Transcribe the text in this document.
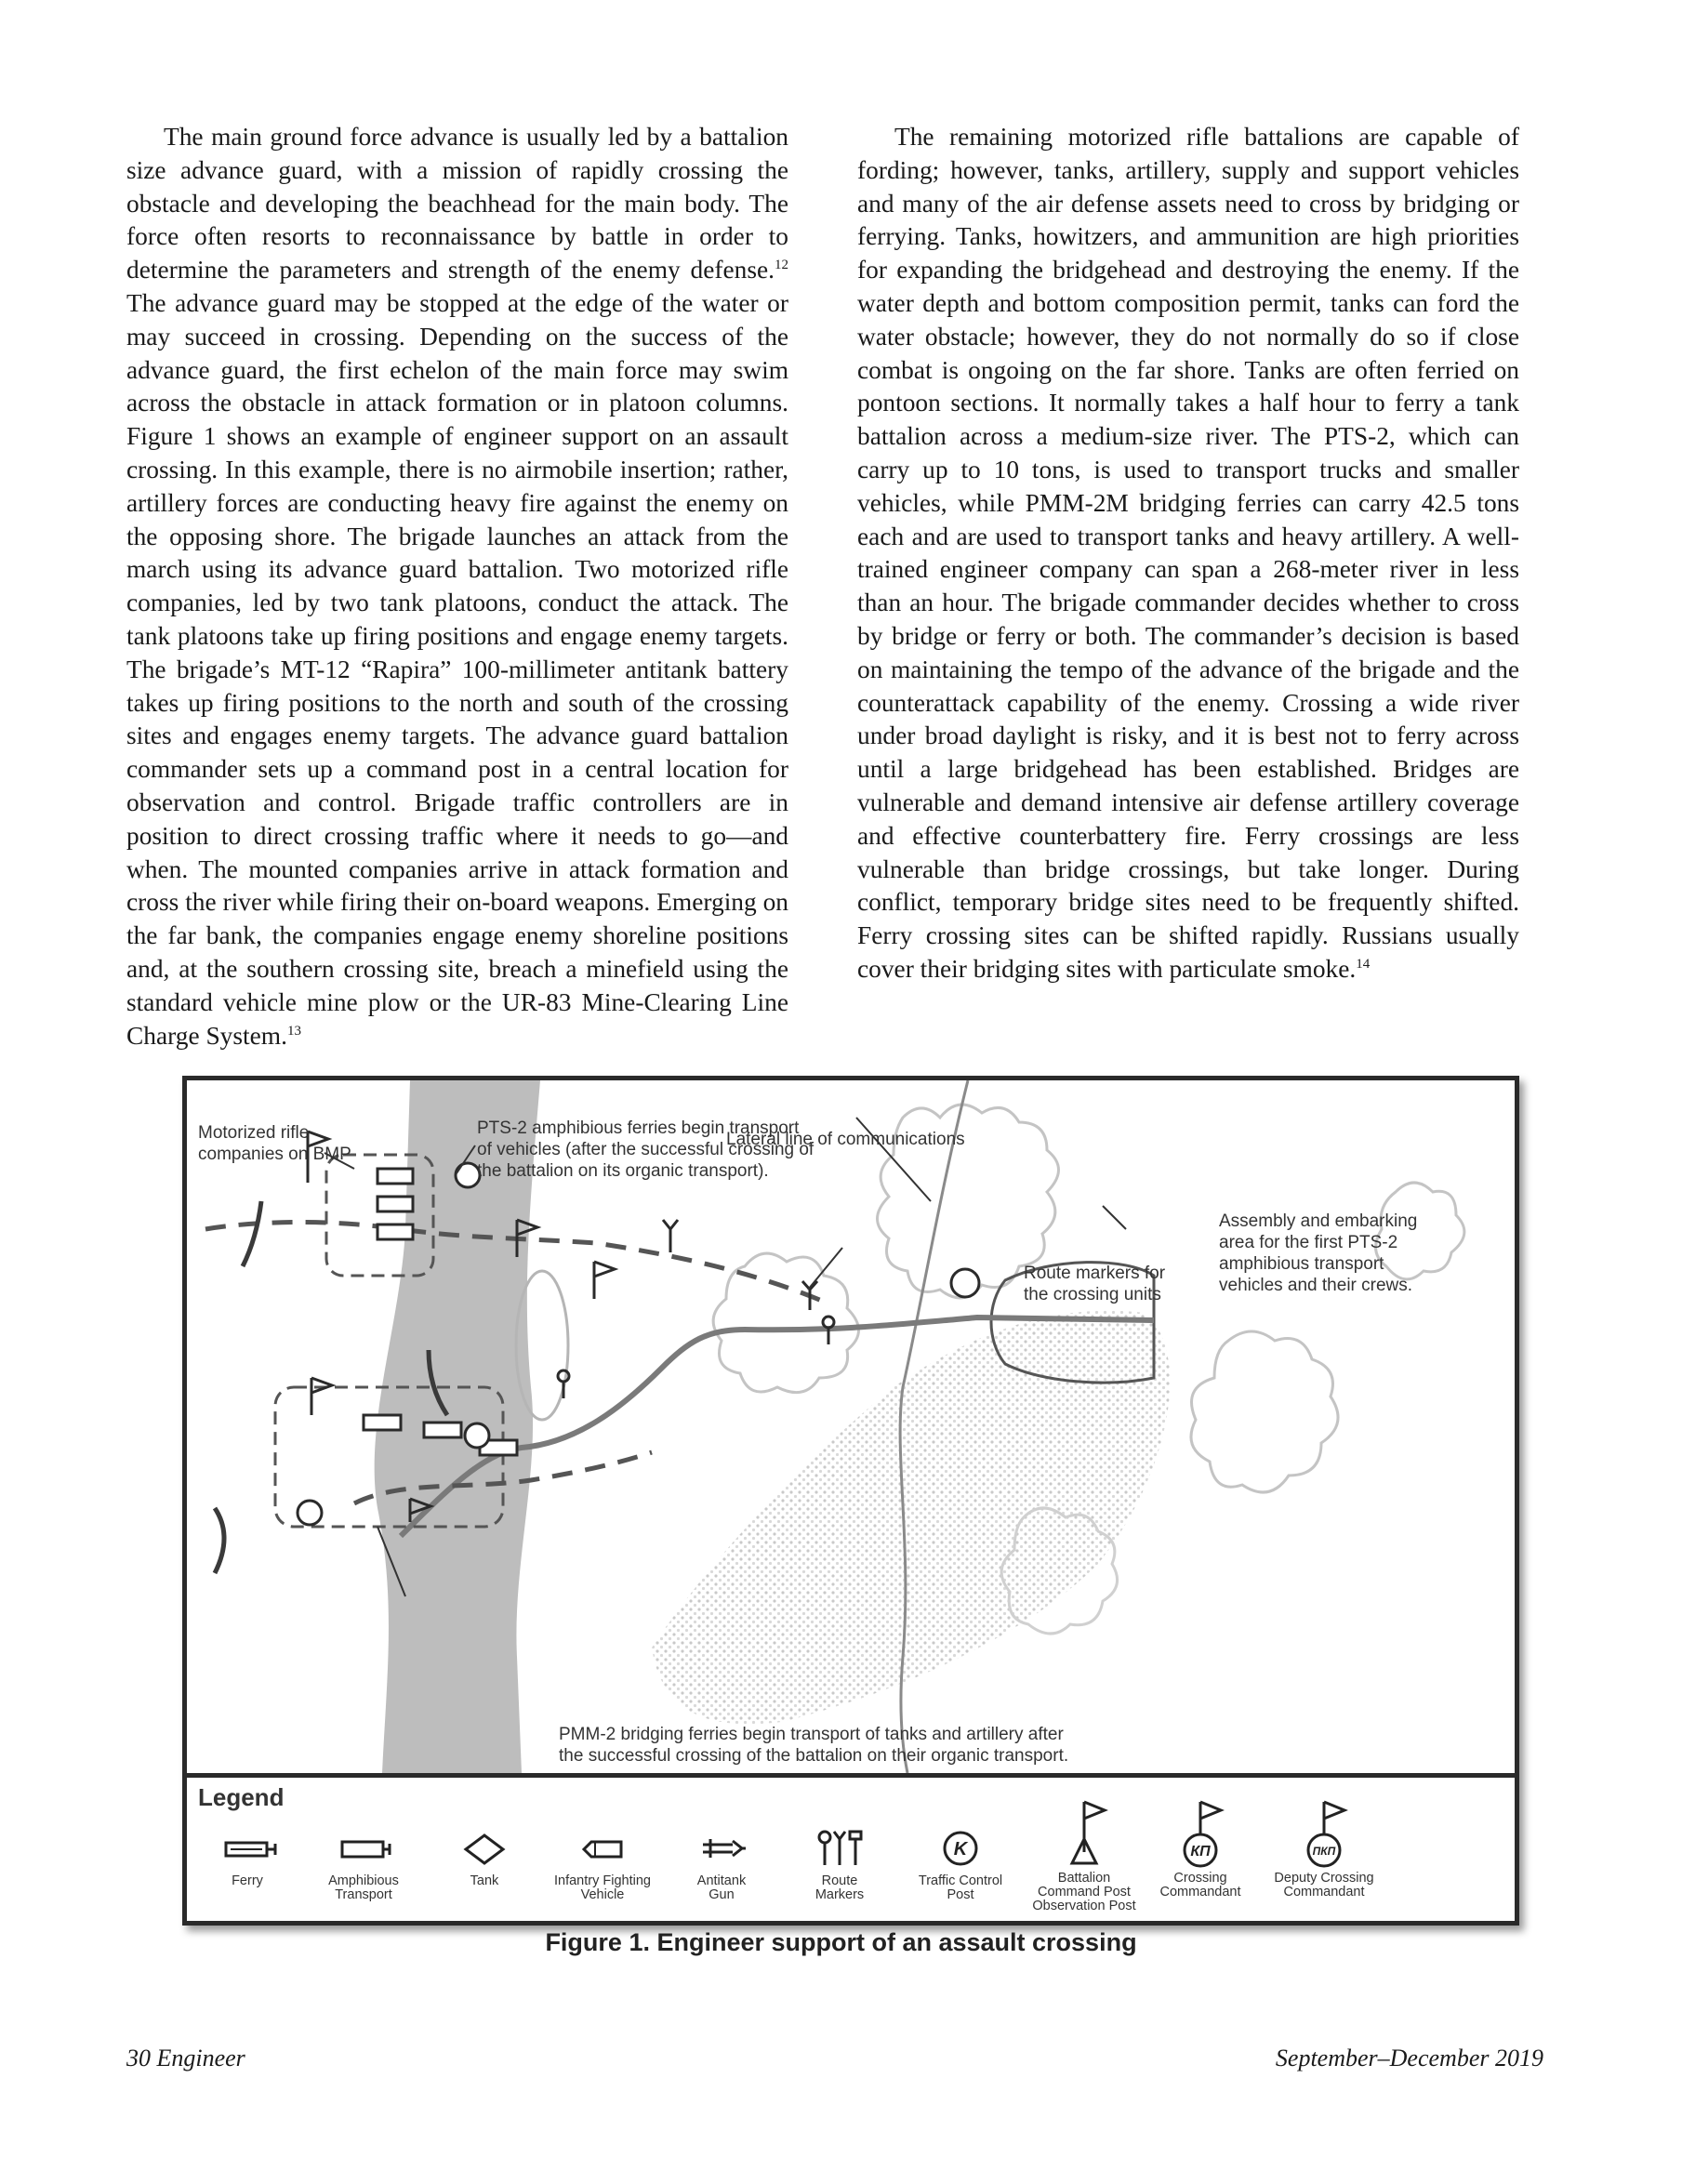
The main ground force advance is usually led by a battalion size advance guard, with a mission of rapidly crossing the obstacle and developing the beachhead for the main body. The force often resorts to reconnaissance by battle in order to determine the parameters and strength of the enemy defense.$^{12}$ The advance guard may be stopped at the edge of the water or may succeed in crossing. Depending on the success of the advance guard, the first echelon of the main force may swim across the obstacle in attack formation or in platoon columns. Figure 1 shows an example of engineer support on an assault crossing. In this example, there is no airmobile insertion; rather, artillery forces are conducting heavy fire against the enemy on the opposing shore. The brigade launches an attack from the march using its advance guard battalion. Two motorized rifle companies, led by two tank platoons, conduct the attack. The tank platoons take up firing positions and engage enemy targets. The brigade’s MT-12 “Rapira” 100-millimeter antitank battery takes up firing positions to the north and south of the crossing sites and engages enemy targets. The advance guard battalion commander sets up a command post in a central location for observation and control. Brigade traffic controllers are in position to direct crossing traffic where it needs to go—and when. The mounted companies arrive in attack formation and cross the river while firing their on-board weapons. Emerging on the far bank, the companies engage enemy shoreline positions and, at the southern crossing site, breach a minefield using the standard vehicle mine plow or the UR-83 Mine-Clearing Line Charge System.$^{13}$

The remaining motorized rifle battalions are capable of fording; however, tanks, artillery, supply and support vehicles and many of the air defense assets need to cross by bridging or ferrying. Tanks, howitzers, and ammunition are high priorities for expanding the bridgehead and destroying the enemy. If the water depth and bottom composition permit, tanks can ford the water obstacle; however, they do not normally do so if close combat is ongoing on the far shore. Tanks are often ferried on pontoon sections. It normally takes a half hour to ferry a tank battalion across a medium-size river. The PTS-2, which can carry up to 10 tons, is used to transport trucks and smaller vehicles, while PMM-2M bridging ferries can carry 42.5 tons each and are used to transport tanks and heavy artillery. A well-trained engineer company can span a 268-meter river in less than an hour. The brigade commander decides whether to cross by bridge or ferry or both. The commander’s decision is based on maintaining the tempo of the advance of the brigade and the counterattack capability of the enemy. Crossing a wide river under broad daylight is risky, and it is best not to ferry across until a large bridgehead has been established. Bridges are vulnerable and demand intensive air defense artillery coverage and effective counterbattery fire. Ferry crossings are less vulnerable than bridge crossings, but take longer. During conflict, temporary bridge sites need to be frequently shifted. Ferry crossing sites can be shifted rapidly. Russians usually cover their bridging sites with particulate smoke.$^{14}$

Motorized rifle
companies on BMP
PTS-2 amphibious ferries begin transport
of vehicles (after the successful crossing of
the battalion on its organic transport).
Lateral line of communications
Assembly and embarking
area for the first PTS-2
amphibious transport
vehicles and their crews.
Route markers for
the crossing units
PMM-2 bridging ferries begin transport of tanks and artillery after
the successful crossing of the battalion on their organic transport.
Legend
Ferry	Amphibious
Transport
Tank	Infantry Fighting
Vehicle
Antitank
Gun
Route
Markers
K
Traffic Control
Post
Battalion
Command Post
Observation Post
КП
Crossing
Commandant
ПКП
Deputy Crossing
Commandant
Figure 1. Engineer support of an assault crossing
30 Engineer	September–December 2019
